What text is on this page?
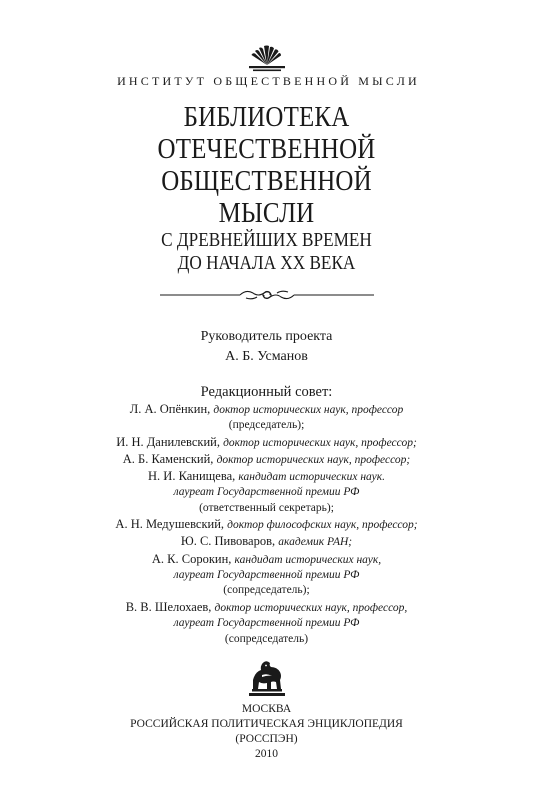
ИНСТИТУТ ОБЩЕСТВЕННОЙ МЫСЛИ
БИБЛИОТЕКА
ОТЕЧЕСТВЕННОЙ
ОБЩЕСТВЕННОЙ
МЫСЛИ
С ДРЕВНЕЙШИХ ВРЕМЕН
ДО НАЧАЛА XX ВЕКА
Руководитель проекта
А. Б. Усманов
Редакционный совет:
Л. А. Опёнкин, доктор исторических наук, профессор
(председатель);
И. Н. Данилевский, доктор исторических наук, профессор;
А. Б. Каменский, доктор исторических наук, профессор;
Н. И. Канищева, кандидат исторических наук.
лауреат Государственной премии РФ
(ответственный секретарь);
А. Н. Медушевский, доктор философских наук, профессор;
Ю. С. Пивоваров, академик РАН;
А. К. Сорокин, кандидат исторических наук,
лауреат Государственной премии РФ
(сопредседатель);
В. В. Шелохаев, доктор исторических наук, профессор,
лауреат Государственной премии РФ
(сопредседатель)
МОСКВА
РОССИЙСКАЯ ПОЛИТИЧЕСКАЯ ЭНЦИКЛОПЕДИЯ
(РОССПЭН)
2010
